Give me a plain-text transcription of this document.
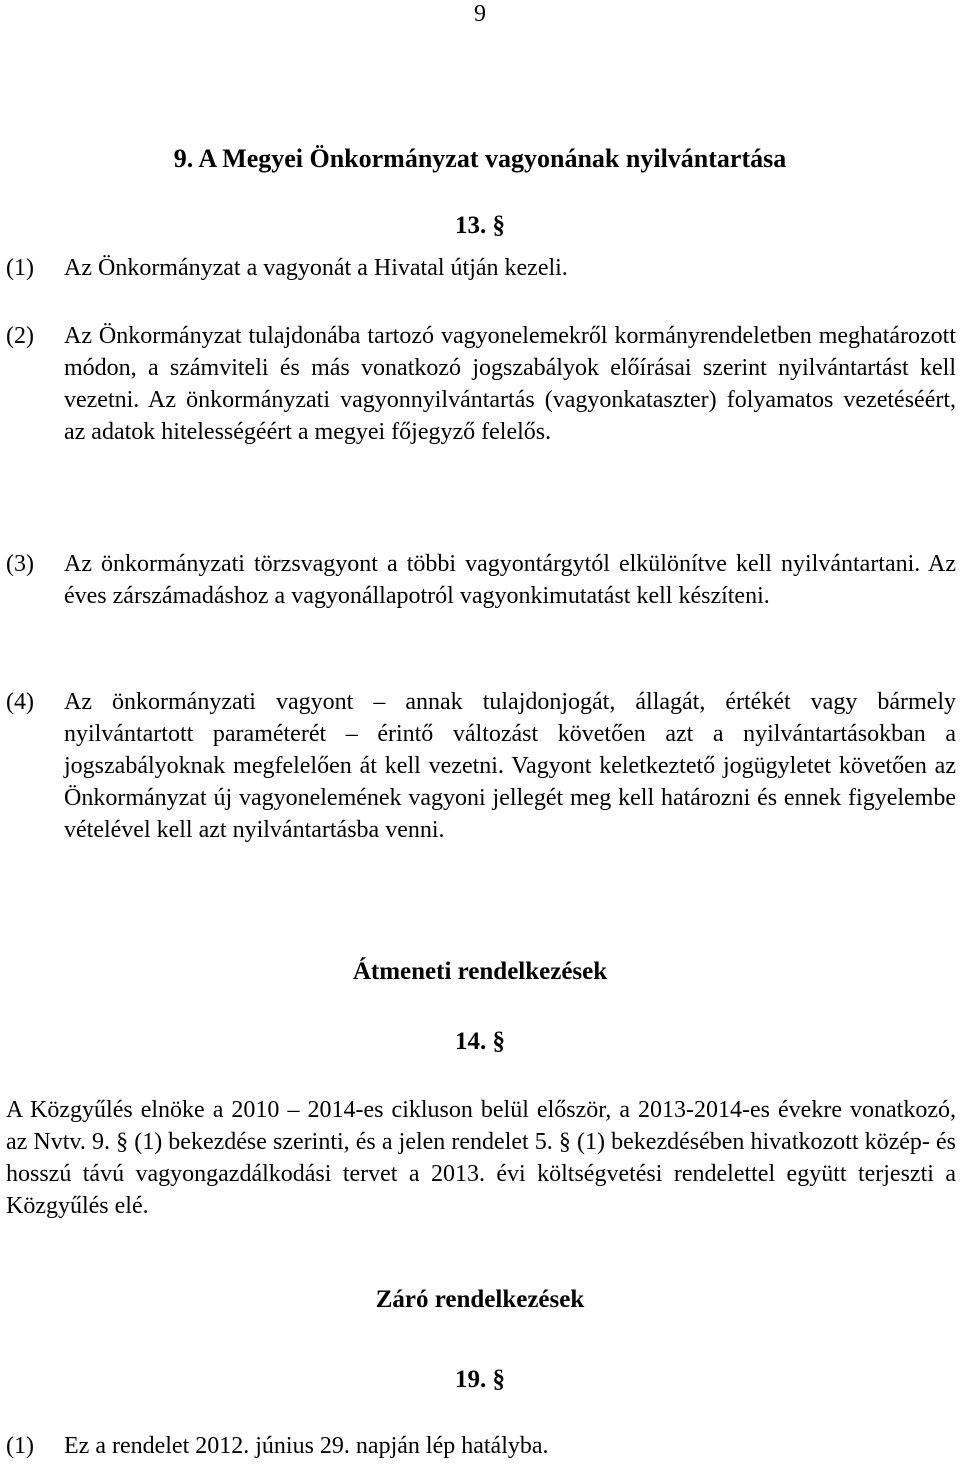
9
9. A Megyei Önkormányzat vagyonának nyilvántartása
13. §
(1) Az Önkormányzat a vagyonát a Hivatal útján kezeli.
(2) Az Önkormányzat tulajdonába tartozó vagyonelemekről kormányrendeletben meghatározott módon, a számviteli és más vonatkozó jogszabályok előírásai szerint nyilvántartást kell vezetni. Az önkormányzati vagyonnyilvántartás (vagyonkataszter) folyamatos vezetéséért, az adatok hitelességéért a megyei főjegyző felelős.
(3) Az önkormányzati törzsvagyont a többi vagyontárgytól elkülönítve kell nyilvántartani. Az éves zárszámadáshoz a vagyonállapotról vagyonkimutatást kell készíteni.
(4) Az önkormányzati vagyont – annak tulajdonjogát, állagát, értékét vagy bármely nyilvántartott paraméterét – érintő változást követően azt a nyilvántartásokban a jogszabályoknak megfelelően át kell vezetni. Vagyont keletkeztető jogügyletet követően az Önkormányzat új vagyonelemének vagyoni jellegét meg kell határozni és ennek figyelembe vételével kell azt nyilvántartásba venni.
Átmeneti rendelkezések
14. §
A Közgyűlés elnöke a 2010 – 2014-es cikluson belül először, a 2013-2014-es évekre vonatkozó, az Nvtv. 9. § (1) bekezdése szerinti, és a jelen rendelet 5. § (1) bekezdésében hivatkozott közép- és hosszú távú vagyongazdálkodási tervet a 2013. évi költségvetési rendelettel együtt terjeszti a Közgyűlés elé.
Záró rendelkezések
19. §
(1) Ez a rendelet 2012. június 29. napján lép hatályba.
